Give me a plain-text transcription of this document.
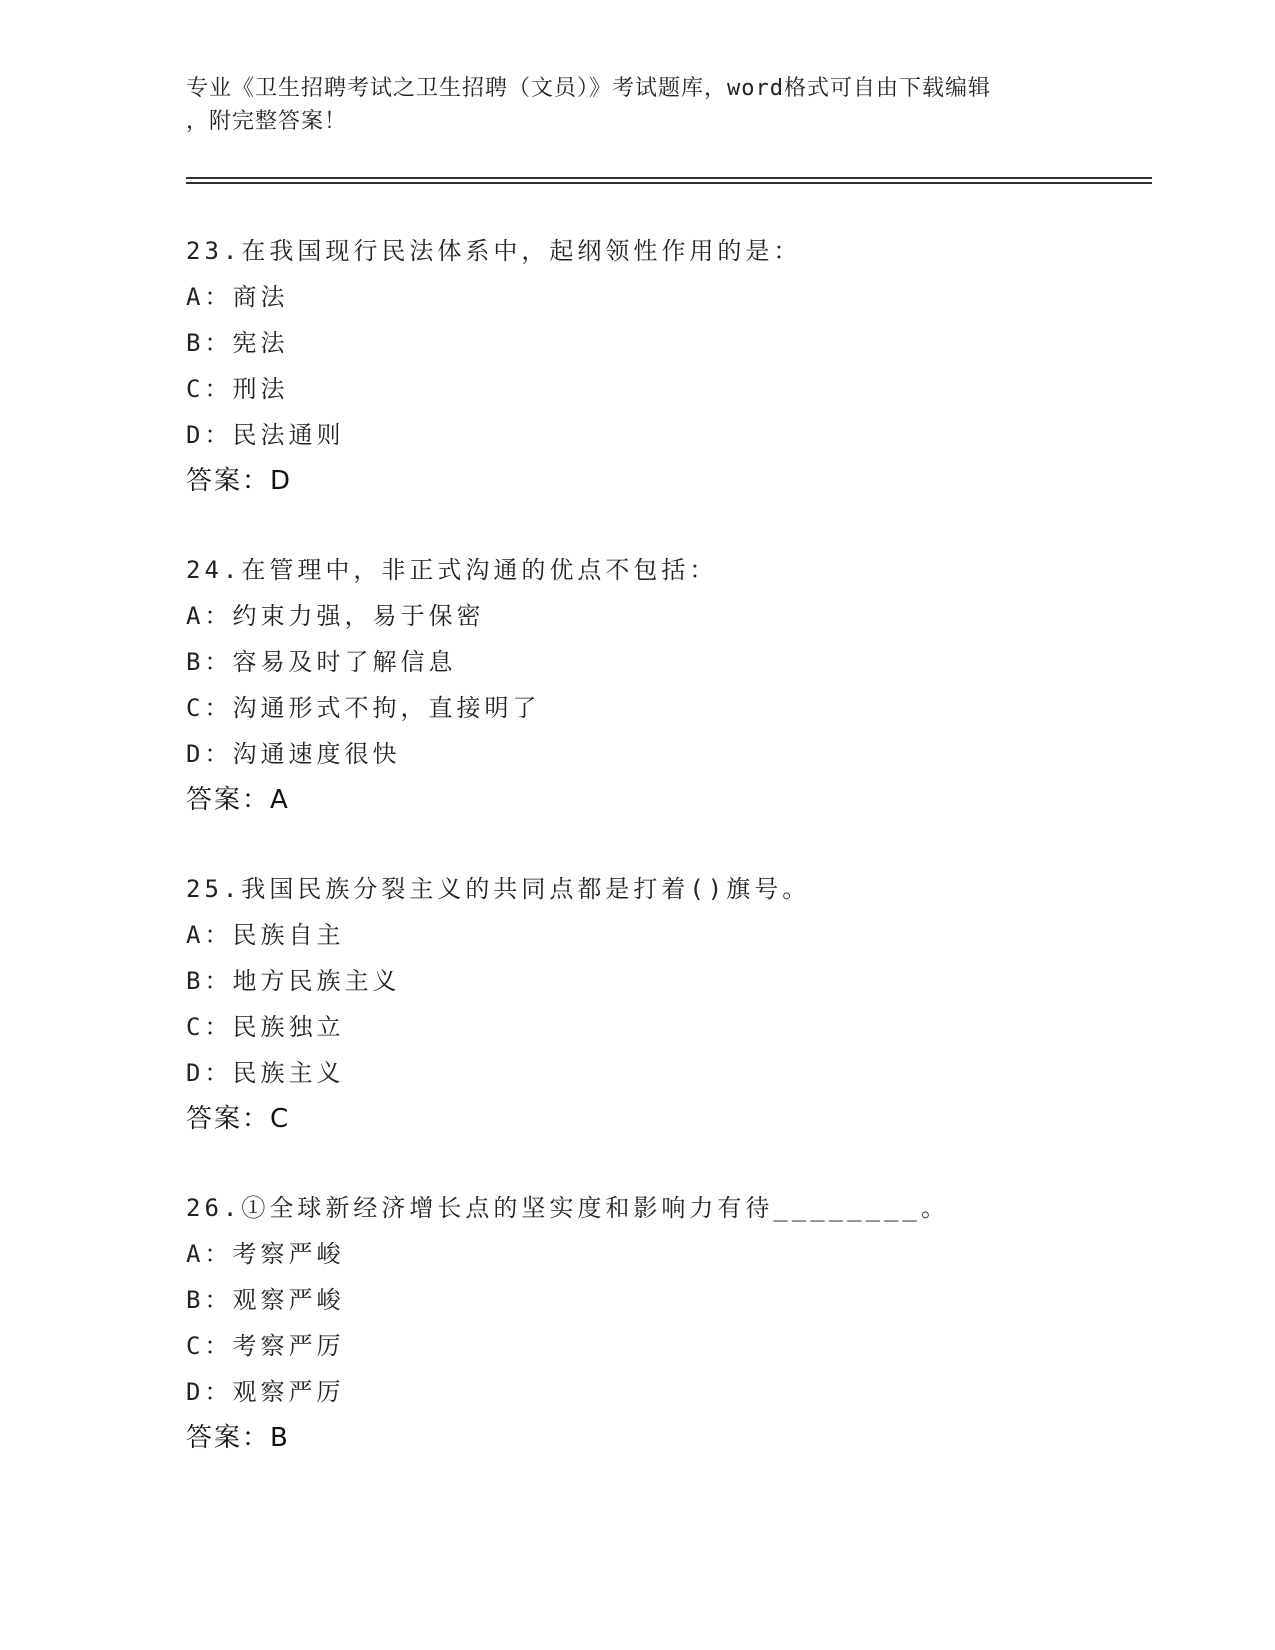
专业《卫生招聘考试之卫生招聘（文员）》考试题库，word格式可自由下载编辑
，附完整答案！
23.在我国现行民法体系中，起纲领性作用的是：
A：商法
B：宪法
C：刑法
D：民法通则
答案：D
24.在管理中，非正式沟通的优点不包括：
A：约束力强，易于保密
B：容易及时了解信息
C：沟通形式不拘，直接明了
D：沟通速度很快
答案：A
25.我国民族分裂主义的共同点都是打着()旗号。
A：民族自主
B：地方民族主义
C：民族独立
D：民族主义
答案：C
26.①全球新经济增长点的坚实度和影响力有待________。
A：考察严峻
B：观察严峻
C：考察严厉
D：观察严厉
答案：B
